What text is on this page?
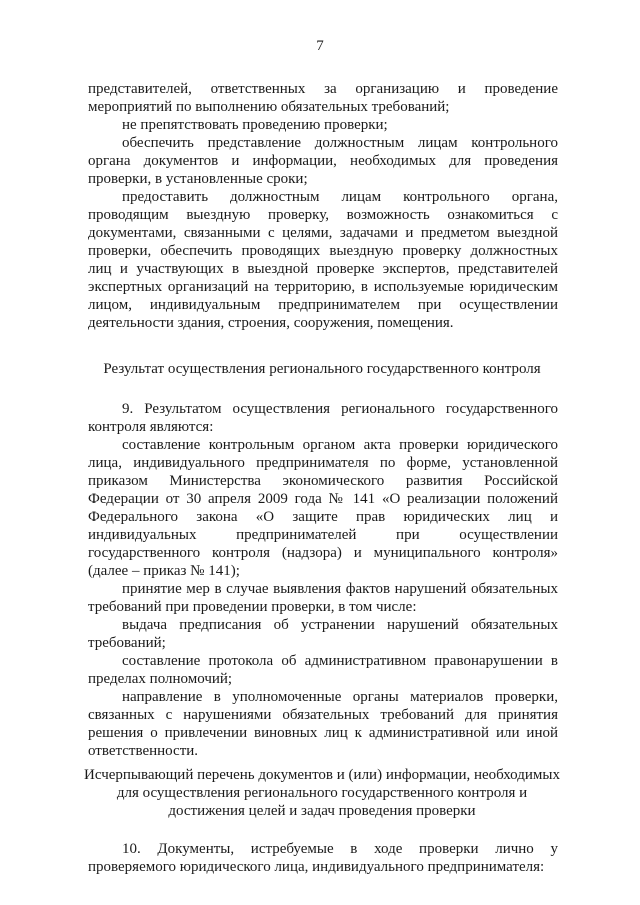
7

представителей, ответственных за организацию и проведение мероприятий по выполнению обязательных требований;

не препятствовать проведению проверки;

обеспечить представление должностным лицам контрольного органа документов и информации, необходимых для проведения проверки, в установленные сроки;

предоставить должностным лицам контрольного органа, проводящим выездную проверку, возможность ознакомиться с документами, связанными с целями, задачами и предметом выездной проверки, обеспечить проводящих выездную проверку должностных лиц и участвующих в выездной проверке экспертов, представителей экспертных организаций на территорию, в используемые юридическим лицом, индивидуальным предпринимателем при осуществлении деятельности здания, строения, сооружения, помещения.

Результат осуществления регионального государственного контроля

9. Результатом осуществления регионального государственного контроля являются:

составление контрольным органом акта проверки юридического лица, индивидуального предпринимателя по форме, установленной приказом Министерства экономического развития Российской Федерации от 30 апреля 2009 года № 141 «О реализации положений Федерального закона «О защите прав юридических лиц и индивидуальных предпринимателей при осуществлении государственного контроля (надзора) и муниципального контроля» (далее – приказ № 141);

принятие мер в случае выявления фактов нарушений обязательных требований при проведении проверки, в том числе:

выдача предписания об устранении нарушений обязательных требований;

составление протокола об административном правонарушении в пределах полномочий;

направление в уполномоченные органы материалов проверки, связанных с нарушениями обязательных требований для принятия решения о привлечении виновных лиц к административной или иной ответственности.

Исчерпывающий перечень документов и (или) информации, необходимых
для осуществления регионального государственного контроля и
достижения целей и задач проведения проверки

10. Документы, истребуемые в ходе проверки лично у проверяемого юридического лица, индивидуального предпринимателя:
